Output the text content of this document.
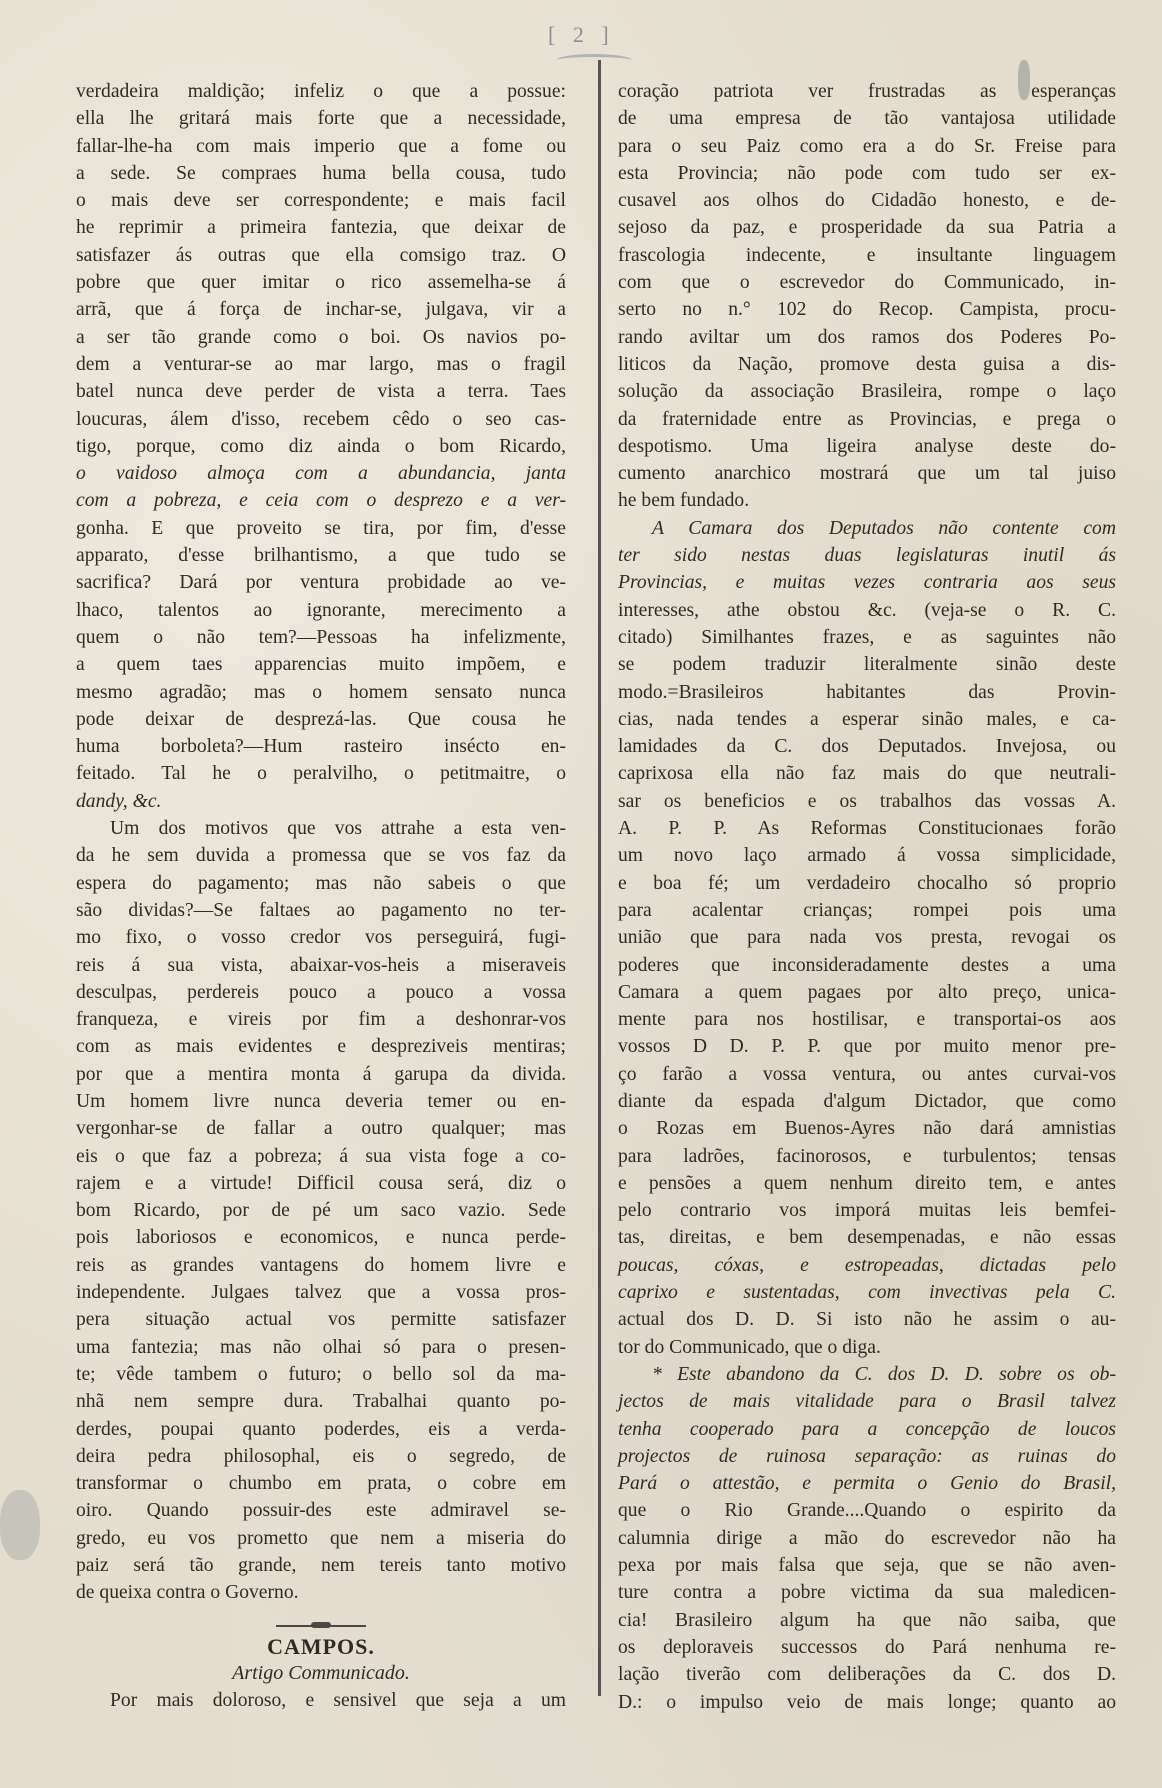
[ 2 ]
verdadeira maldição; infeliz o que a possue:
ella lhe gritará mais forte que a necessidade,
fallar-lhe-ha com mais imperio que a fome ou
a sede. Se compraes huma bella cousa, tudo
o mais deve ser correspondente; e mais facil
he reprimir a primeira fantezia, que deixar de
satisfazer ás outras que ella comsigo traz. O
pobre que quer imitar o rico assemelha-se á
arrã, que á força de inchar-se, julgava, vir a
a ser tão grande como o boi. Os navios po-
dem a venturar-se ao mar largo, mas o fragil
batel nunca deve perder de vista a terra. Taes
loucuras, álem d'isso, recebem cêdo o seo cas-
tigo, porque, como diz ainda o bom Ricardo,
o vaidoso almoça com a abundancia, janta
com a pobreza, e ceia com o desprezo e a ver-
gonha. E que proveito se tira, por fim, d'esse
apparato, d'esse brilhantismo, a que tudo se
sacrifica? Dará por ventura probidade ao ve-
lhaco, talentos ao ignorante, merecimento a
quem o não tem?—Pessoas ha infelizmente,
a quem taes apparencias muito impõem, e
mesmo agradão; mas o homem sensato nunca
pode deixar de desprezá-las. Que cousa he
huma borboleta?—Hum rasteiro insécto en-
feitado. Tal he o peralvilho, o petitmaitre, o
dandy, &c.
Um dos motivos que vos attrahe a esta ven-
da he sem duvida a promessa que se vos faz da
espera do pagamento; mas não sabeis o que
são dividas?—Se faltaes ao pagamento no ter-
mo fixo, o vosso credor vos perseguirá, fugi-
reis á sua vista, abaixar-vos-heis a miseraveis
desculpas, perdereis pouco a pouco a vossa
franqueza, e vireis por fim a deshonrar-vos
com as mais evidentes e despreziveis mentiras;
por que a mentira monta á garupa da divida.
Um homem livre nunca deveria temer ou en-
vergonhar-se de fallar a outro qualquer; mas
eis o que faz a pobreza; á sua vista foge a co-
rajem e a virtude! Difficil cousa será, diz o
bom Ricardo, por de pé um saco vazio. Sede
pois laboriosos e economicos, e nunca perde-
reis as grandes vantagens do homem livre e
independente. Julgaes talvez que a vossa pros-
pera situação actual vos permitte satisfazer
uma fantezia; mas não olhai só para o presen-
te; vêde tambem o futuro; o bello sol da ma-
nhã nem sempre dura. Trabalhai quanto po-
derdes, poupai quanto poderdes, eis a verda-
deira pedra philosophal, eis o segredo, de
transformar o chumbo em prata, o cobre em
oiro. Quando possuir-des este admiravel se-
gredo, eu vos prometto que nem a miseria do
paiz será tão grande, nem tereis tanto motivo
de queixa contra o Governo.
CAMPOS.
Artigo Communicado.
Por mais doloroso, e sensivel que seja a um
coração patriota ver frustradas as esperanças
de uma empresa de tão vantajosa utilidade
para o seu Paiz como era a do Sr. Freise para
esta Provincia; não pode com tudo ser ex-
cusavel aos olhos do Cidadão honesto, e de-
sejoso da paz, e prosperidade da sua Patria a
frascologia indecente, e insultante linguagem
com que o escrevedor do Communicado, in-
serto no n.° 102 do Recop. Campista, procu-
rando aviltar um dos ramos dos Poderes Po-
liticos da Nação, promove desta guisa a dis-
solução da associação Brasileira, rompe o laço
da fraternidade entre as Provincias, e prega o
despotismo. Uma ligeira analyse deste do-
cumento anarchico mostrará que um tal juiso
he bem fundado.
A Camara dos Deputados não contente com
ter sido nestas duas legislaturas inutil ás
Provincias, e muitas vezes contraria aos seus
interesses, athe obstou &c. (veja-se o R. C.
citado) Similhantes frazes, e as saguintes não
se podem traduzir literalmente sinão deste
modo.=Brasileiros habitantes das Provin-
cias, nada tendes a esperar sinão males, e ca-
lamidades da C. dos Deputados. Invejosa, ou
caprixosa ella não faz mais do que neutrali-
sar os beneficios e os trabalhos das vossas A.
A. P. P. As Reformas Constitucionaes forão
um novo laço armado á vossa simplicidade,
e boa fé; um verdadeiro chocalho só proprio
para acalentar crianças; rompei pois uma
união que para nada vos presta, revogai os
poderes que inconsideradamente destes a uma
Camara a quem pagaes por alto preço, unica-
mente para nos hostilisar, e transportai-os aos
vossos D D. P. P. que por muito menor pre-
ço farão a vossa ventura, ou antes curvai-vos
diante da espada d'algum Dictador, que como
o Rozas em Buenos-Ayres não dará amnistias
para ladrões, facinorosos, e turbulentos; tensas
e pensões a quem nenhum direito tem, e antes
pelo contrario vos imporá muitas leis bemfei-
tas, direitas, e bem desempenadas, e não essas
poucas, cóxas, e estropeadas, dictadas pelo
caprixo e sustentadas, com invectivas pela C.
actual dos D. D. Si isto não he assim o au-
tor do Communicado, que o diga.
* Este abandono da C. dos D. D. sobre os ob-
jectos de mais vitalidade para o Brasil talvez
tenha cooperado para a concepção de loucos
projectos de ruinosa separação: as ruinas do
Pará o attestão, e permita o Genio do Brasil,
que o Rio Grande....Quando o espirito da
calumnia dirige a mão do escrevedor não ha
pexa por mais falsa que seja, que se não aven-
ture contra a pobre victima da sua maledicen-
cia! Brasileiro algum ha que não saiba, que
os deploraveis successos do Pará nenhuma re-
lação tiverão com deliberações da C. dos D.
D.: o impulso veio de mais longe; quanto ao
